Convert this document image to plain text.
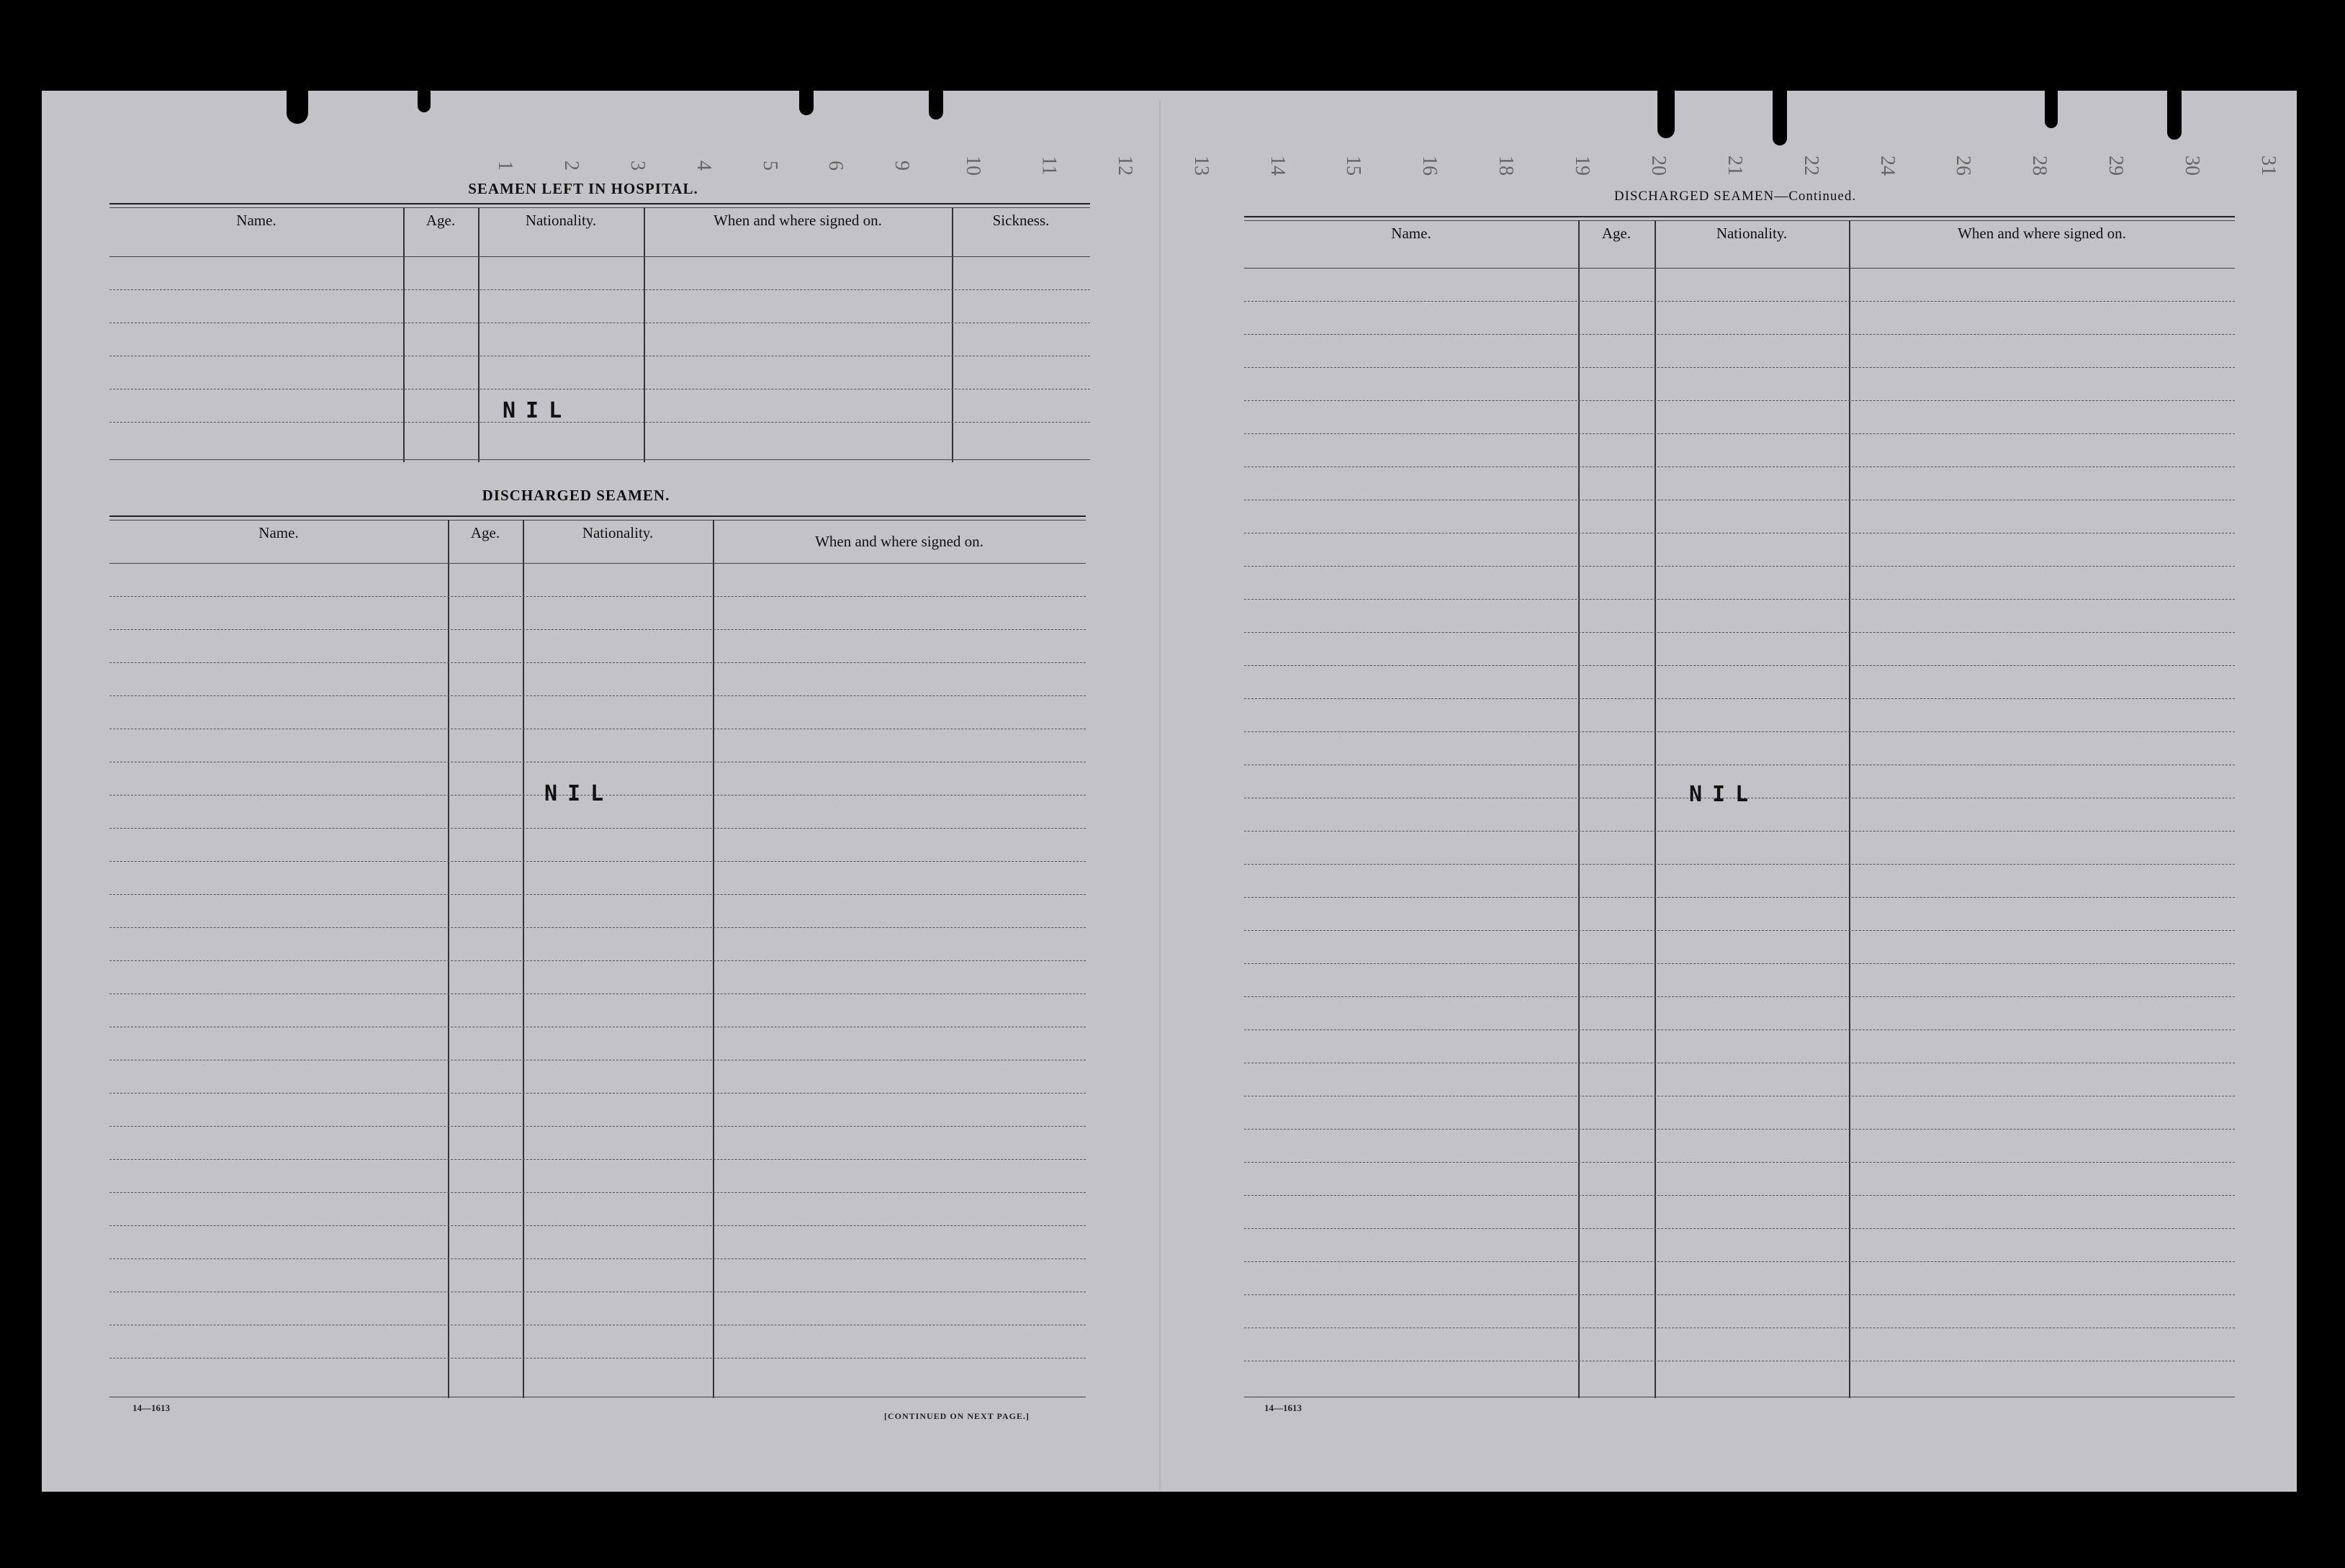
1	2	3	4	5	6	9	10	11	12	13	14	15	16	18	19	20	21	22	24	26	28	29	30	31
SEAMEN LEFT IN HOSPITAL.
Name.	Age.	Nationality.	When and where signed on.	Sickness.
NIL
DISCHARGED SEAMEN.
Name.	Age.	Nationality.	When and where signed on.
NIL
14—1613
[CONTINUED ON NEXT PAGE.]
DISCHARGED SEAMEN—Continued.
Name.	Age.	Nationality.	When and where signed on.
NIL
14—1613
